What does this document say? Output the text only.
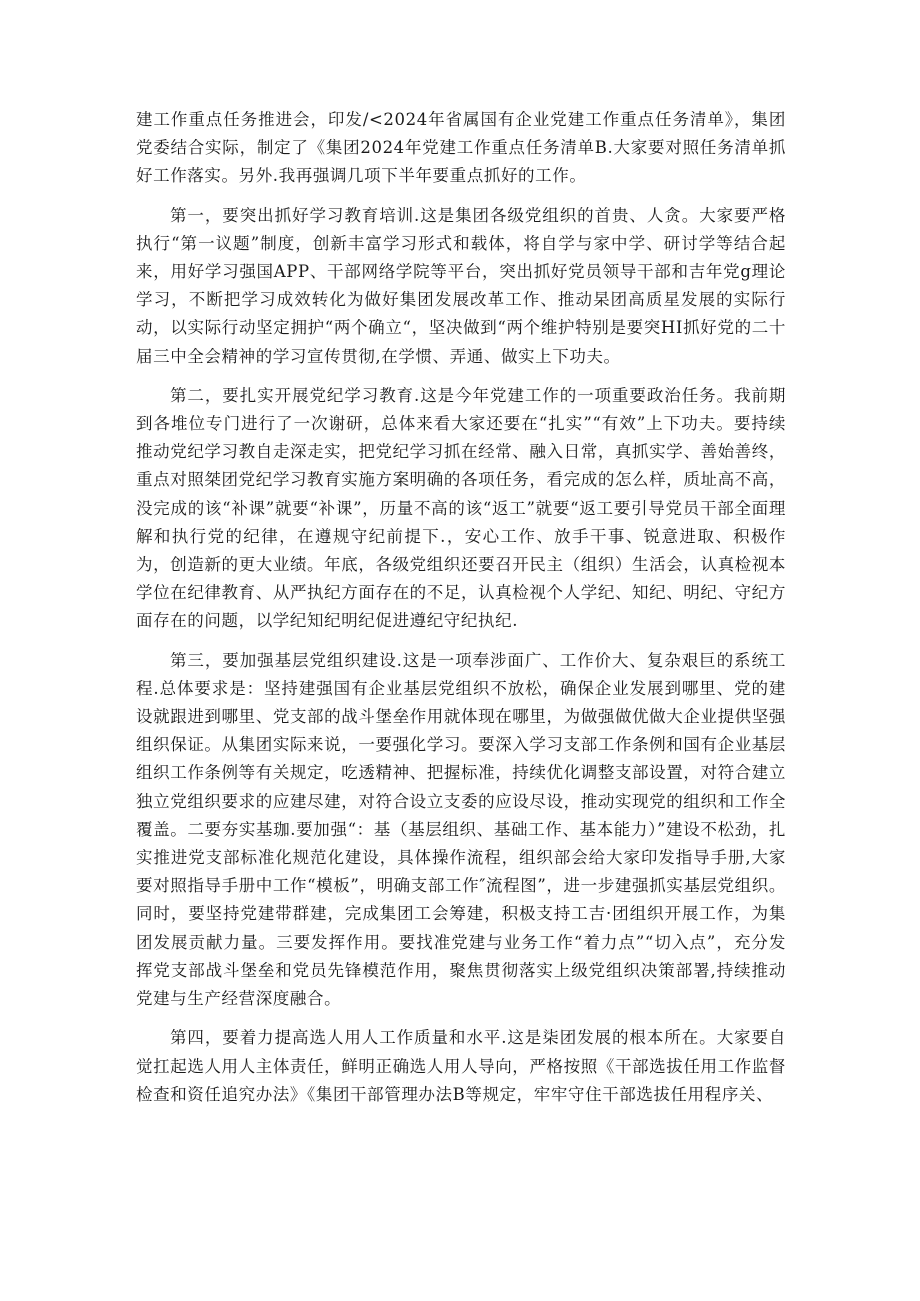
建工作重点任务推进会，印发/<2024年省属国有企业党建工作重点任务清单》，集团党委结合实际，制定了《集团2024年党建工作重点任务清单B.大家要对照任务清单抓好工作落实。另外.我再强调几项下半年要重点抓好的工作。

第一，要突出抓好学习教育培训.这是集团各级党组织的首贵、人贪。大家要严格执行“第一议题”制度，创新丰富学习形式和载体，将自学与家中学、研讨学等结合起来，用好学习强国APP、干部网络学院等平台，突出抓好党员领导干部和吉年党g理论学习，不断把学习成效转化为做好集团发展改革工作、推动杲团高质星发展的实际行动，以实际行动坚定拥护“两个确立“，坚决做到“两个维护特别是要突HI抓好党的二十届三中全会精神的学习宣传贯彻,在学惯、弄通、做实上下功夫。

第二，要扎实开展党纪学习教育.这是今年党建工作的一项重要政治任务。我前期到各堆位专门进行了一次谢研，总体来看大家还要在“扎实”“有效”上下功夫。要持续推动党纪学习教自走深走实，把党纪学习抓在经常、融入日常，真抓实学、善始善终，重点对照桀团党纪学习教育实施方案明确的各项任务，看完成的怎么样，质址高不高，没完成的该“补课”就要“补课”，历量不高的该“返工”就要“返工要引导党员干部全面理解和执行党的纪律，在遵规守纪前提下.，安心工作、放手干事、锐意进取、积极作为，创造新的更大业绩。年底，各级党组织还要召开民主（组织）生活会，认真检视本学位在纪律教育、从严执纪方面存在的不足，认真检视个人学纪、知纪、明纪、守纪方面存在的问题，以学纪知纪明纪促进遵纪守纪执纪.

第三，要加强基层党组织建设.这是一项奉涉面广、工作价大、复杂艰巨的系统工程.总体要求是：坚持建强国有企业基层党组织不放松，确保企业发展到哪里、党的建设就跟进到哪里、党支部的战斗堡垒作用就体现在哪里，为做强做优做大企业提供坚强组织保证。从集团实际来说，一要强化学习。要深入学习支部工作条例和国有企业基层组织工作条例等有关规定，吃透精神、把握标准，持续优化调整支部设置，对符合建立独立党组织要求的应建尽建，对符合设立支委的应设尽设，推动实现党的组织和工作全覆盖。二要夯实基珈.要加强“：基（基层组织、基础工作、基本能力）”建设不松劲，扎实推进党支部标准化规范化建设，具体操作流程，组织部会给大家印发指导手册,大家要对照指导手册中工作“模板”，明确支部工作″流程图”，进一步建强抓实基层党组织。同时，要坚持党建带群建，完成集团工会筹建，积极支持工吉·团组织开展工作，为集团发展贡献力量。三要发挥作用。要找准党建与业务工作“着力点”“切入点”，充分发挥党支部战斗堡垒和党员先锋模范作用，聚焦贯彻落实上级党组织决策部署,持续推动党建与生产经营深度融合。

第四，要着力提高选人用人工作质量和水平.这是柒团发展的根本所在。大家要自觉扛起选人用人主体责任，鲜明正确选人用人导向，严格按照《干部选拔任用工作监督检查和资任追究办法》《集团干部管理办法B等规定，牢牢守住干部选拔任用程序关、
